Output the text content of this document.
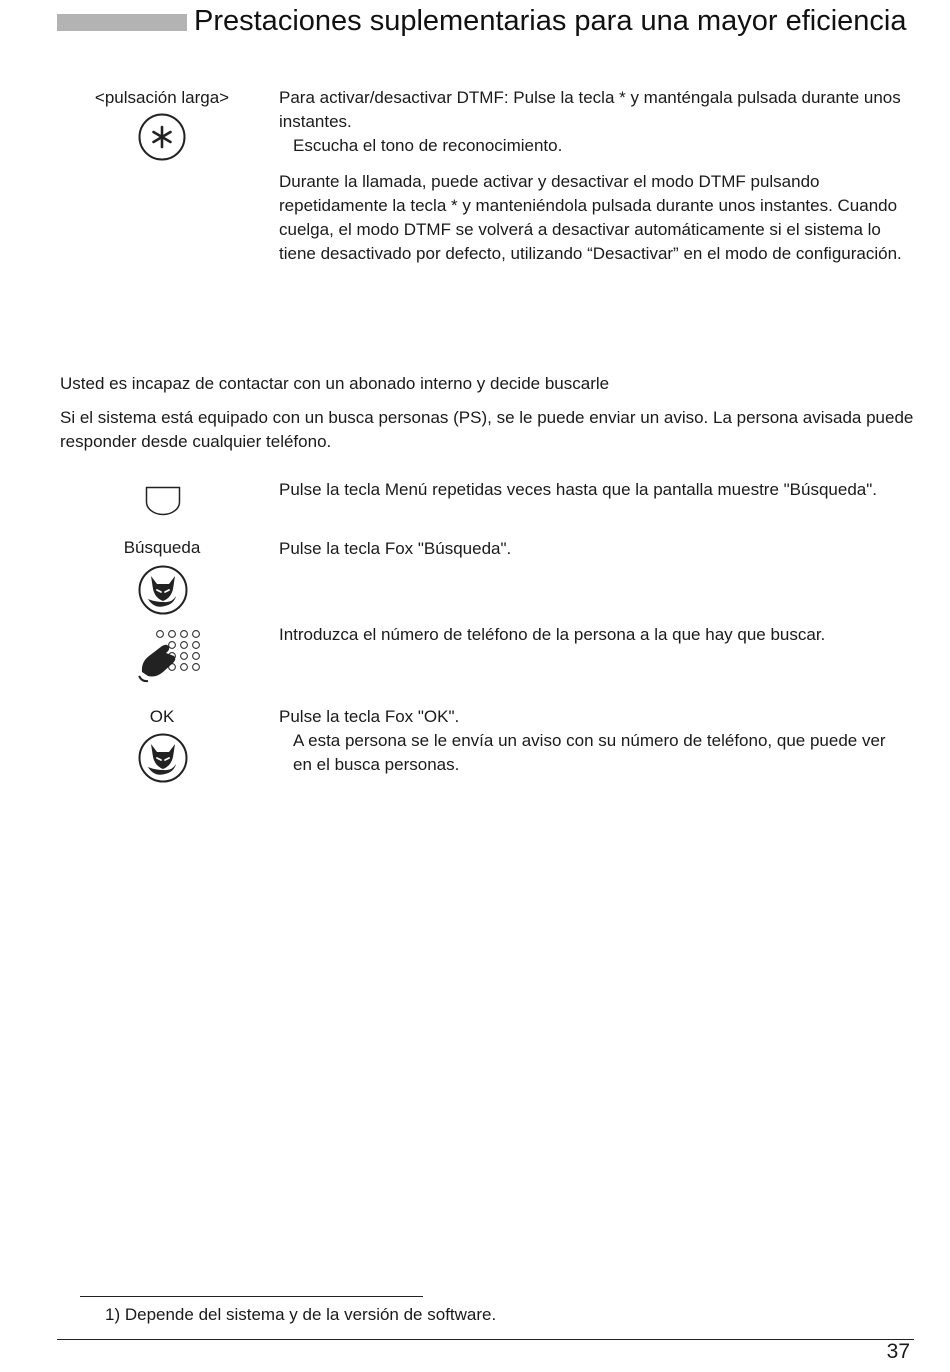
Prestaciones suplementarias para una mayor eficiencia
<pulsación larga>	Para activar/desactivar DTMF: Pulse la tecla * y manténgala pulsada durante unos instantes.

Escucha el tono de reconocimiento.

Durante la llamada, puede activar y desactivar el modo DTMF pulsando repetidamente la tecla * y manteniéndola pulsada durante unos instantes. Cuando cuelga, el modo DTMF se volverá a desactivar automáticamente si el sistema lo tiene desactivado por defecto, utilizando “Desactivar” en el modo de configuración.

Usted es incapaz de contactar con un abonado interno y decide buscarle
Si el sistema está equipado con un busca personas (PS), se le puede enviar un aviso. La persona avisada puede responder desde cualquier teléfono.
Pulse la tecla Menú repetidas veces hasta que la pantalla muestre "Búsqueda".
Búsqueda	Pulse la tecla Fox "Búsqueda".
Introduzca el número de teléfono de la persona a la que hay que buscar.
OK	Pulse la tecla Fox "OK".

A esta persona se le envía un aviso con su número de teléfono, que puede ver en el busca personas.

1) Depende del sistema y de la versión de software.
37
